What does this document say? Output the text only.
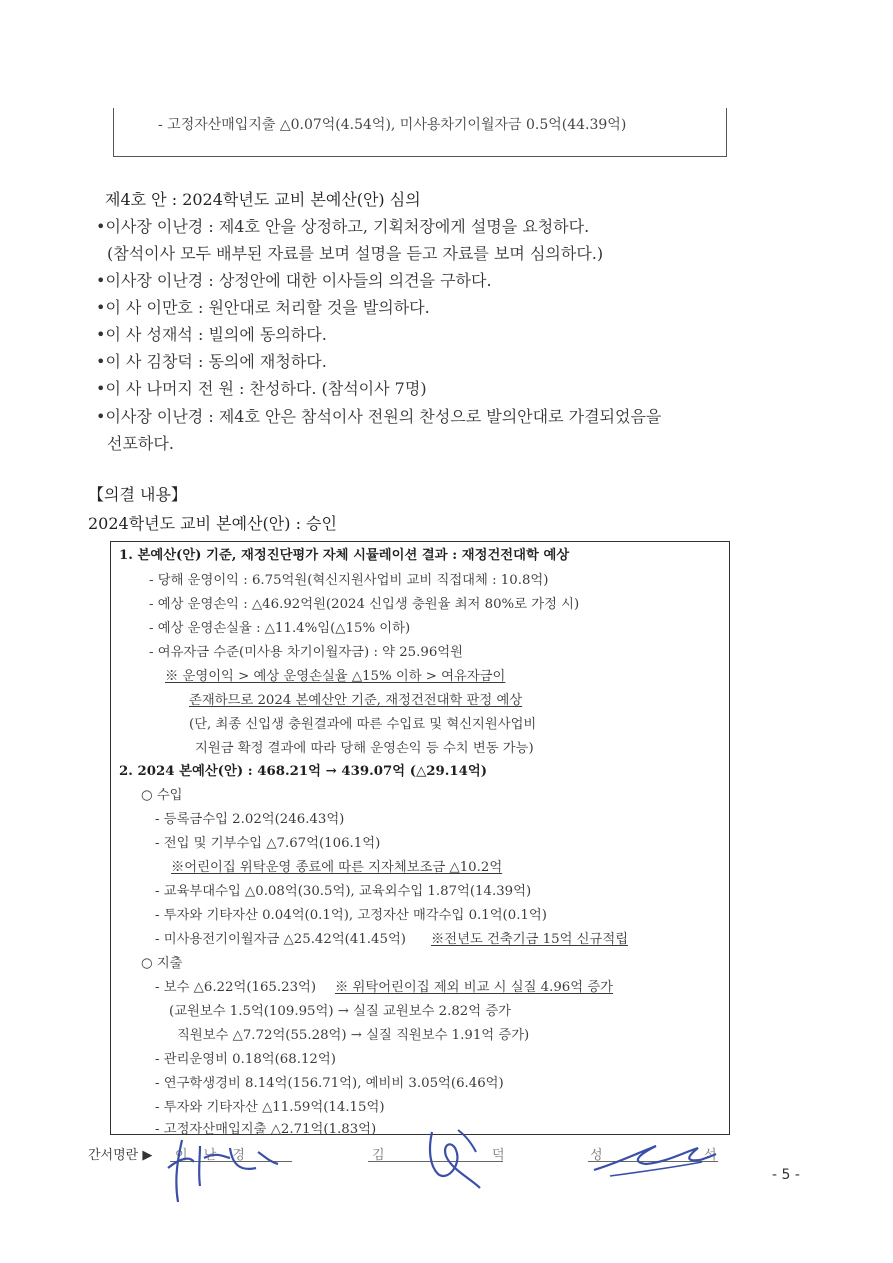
- 고정자산매입지출 △0.07억(4.54억), 미사용차기이월자금 0.5억(44.39억)
제4호 안 : 2024학년도 교비 본예산(안) 심의
•이사장 이난경 : 제4호 안을 상정하고, 기획처장에게 설명을 요청하다.
(참석이사 모두 배부된 자료를 보며 설명을 듣고 자료를 보며 심의하다.)
•이사장 이난경 : 상정안에 대한 이사들의 의견을 구하다.
•이 사 이만호 : 원안대로 처리할 것을 발의하다.
•이 사 성재석 : 빌의에 동의하다.
•이 사 김창덕 : 동의에 재청하다.
•이 사 나머지 전 원 : 찬성하다. (참석이사 7명)
•이사장 이난경 : 제4호 안은 참석이사 전원의 찬성으로 발의안대로 가결되었음을
선포하다.
【의결 내용】
2024학년도 교비 본예산(안) : 승인
1. 본예산(안) 기준, 재정진단평가 자체 시뮬레이션 결과 : 재정건전대학 예상
- 당해 운영이익 : 6.75억원(혁신지원사업비 교비 직접대체 : 10.8억)
- 예상 운영손익 : △46.92억원(2024 신입생 충원율 최저 80%로 가정 시)
- 예상 운영손실율 : △11.4%임(△15% 이하)
- 여유자금 수준(미사용 차기이월자금) : 약 25.96억원
※ 운영이익 > 예상 운영손실율 △15% 이하 > 여유자금이
존재하므로 2024 본예산안 기준, 재정건전대학 판정 예상
(단, 최종 신입생 충원결과에 따른 수입료 및 혁신지원사업비
지원금 확정 결과에 따라 당해 운영손익 등 수치 변동 가능)
2. 2024 본예산(안) : 468.21억 → 439.07억 (△29.14억)
○ 수입
- 등록금수입 2.02억(246.43억)
- 전입 및 기부수입 △7.67억(106.1억)
※어린이집 위탁운영 종료에 따른 지자체보조금 △10.2억
- 교육부대수입 △0.08억(30.5억), 교육외수입 1.87억(14.39억)
- 투자와 기타자산 0.04억(0.1억), 고정자산 매각수입 0.1억(0.1억)
- 미사용전기이월자금 △25.42억(41.45억) ※전년도 건축기금 15억 신규적립
○ 지출
- 보수 △6.22억(165.23억) ※ 위탁어린이집 제외 비교 시 실질 4.96억 증가
(교원보수 1.5억(109.95억) → 실질 교원보수 2.82억 증가
직원보수 △7.72억(55.28억) → 실질 직원보수 1.91억 증가)
- 관리운영비 0.18억(68.12억)
- 연구학생경비 8.14억(156.71억), 예비비 3.05억(6.46억)
- 투자와 기타자산 △11.59억(14.15억)
- 고정자산매입지출 △2.71억(1.83억)
간서명란 ▶ 이 난 경	김	덕	성	석
- 5 -
